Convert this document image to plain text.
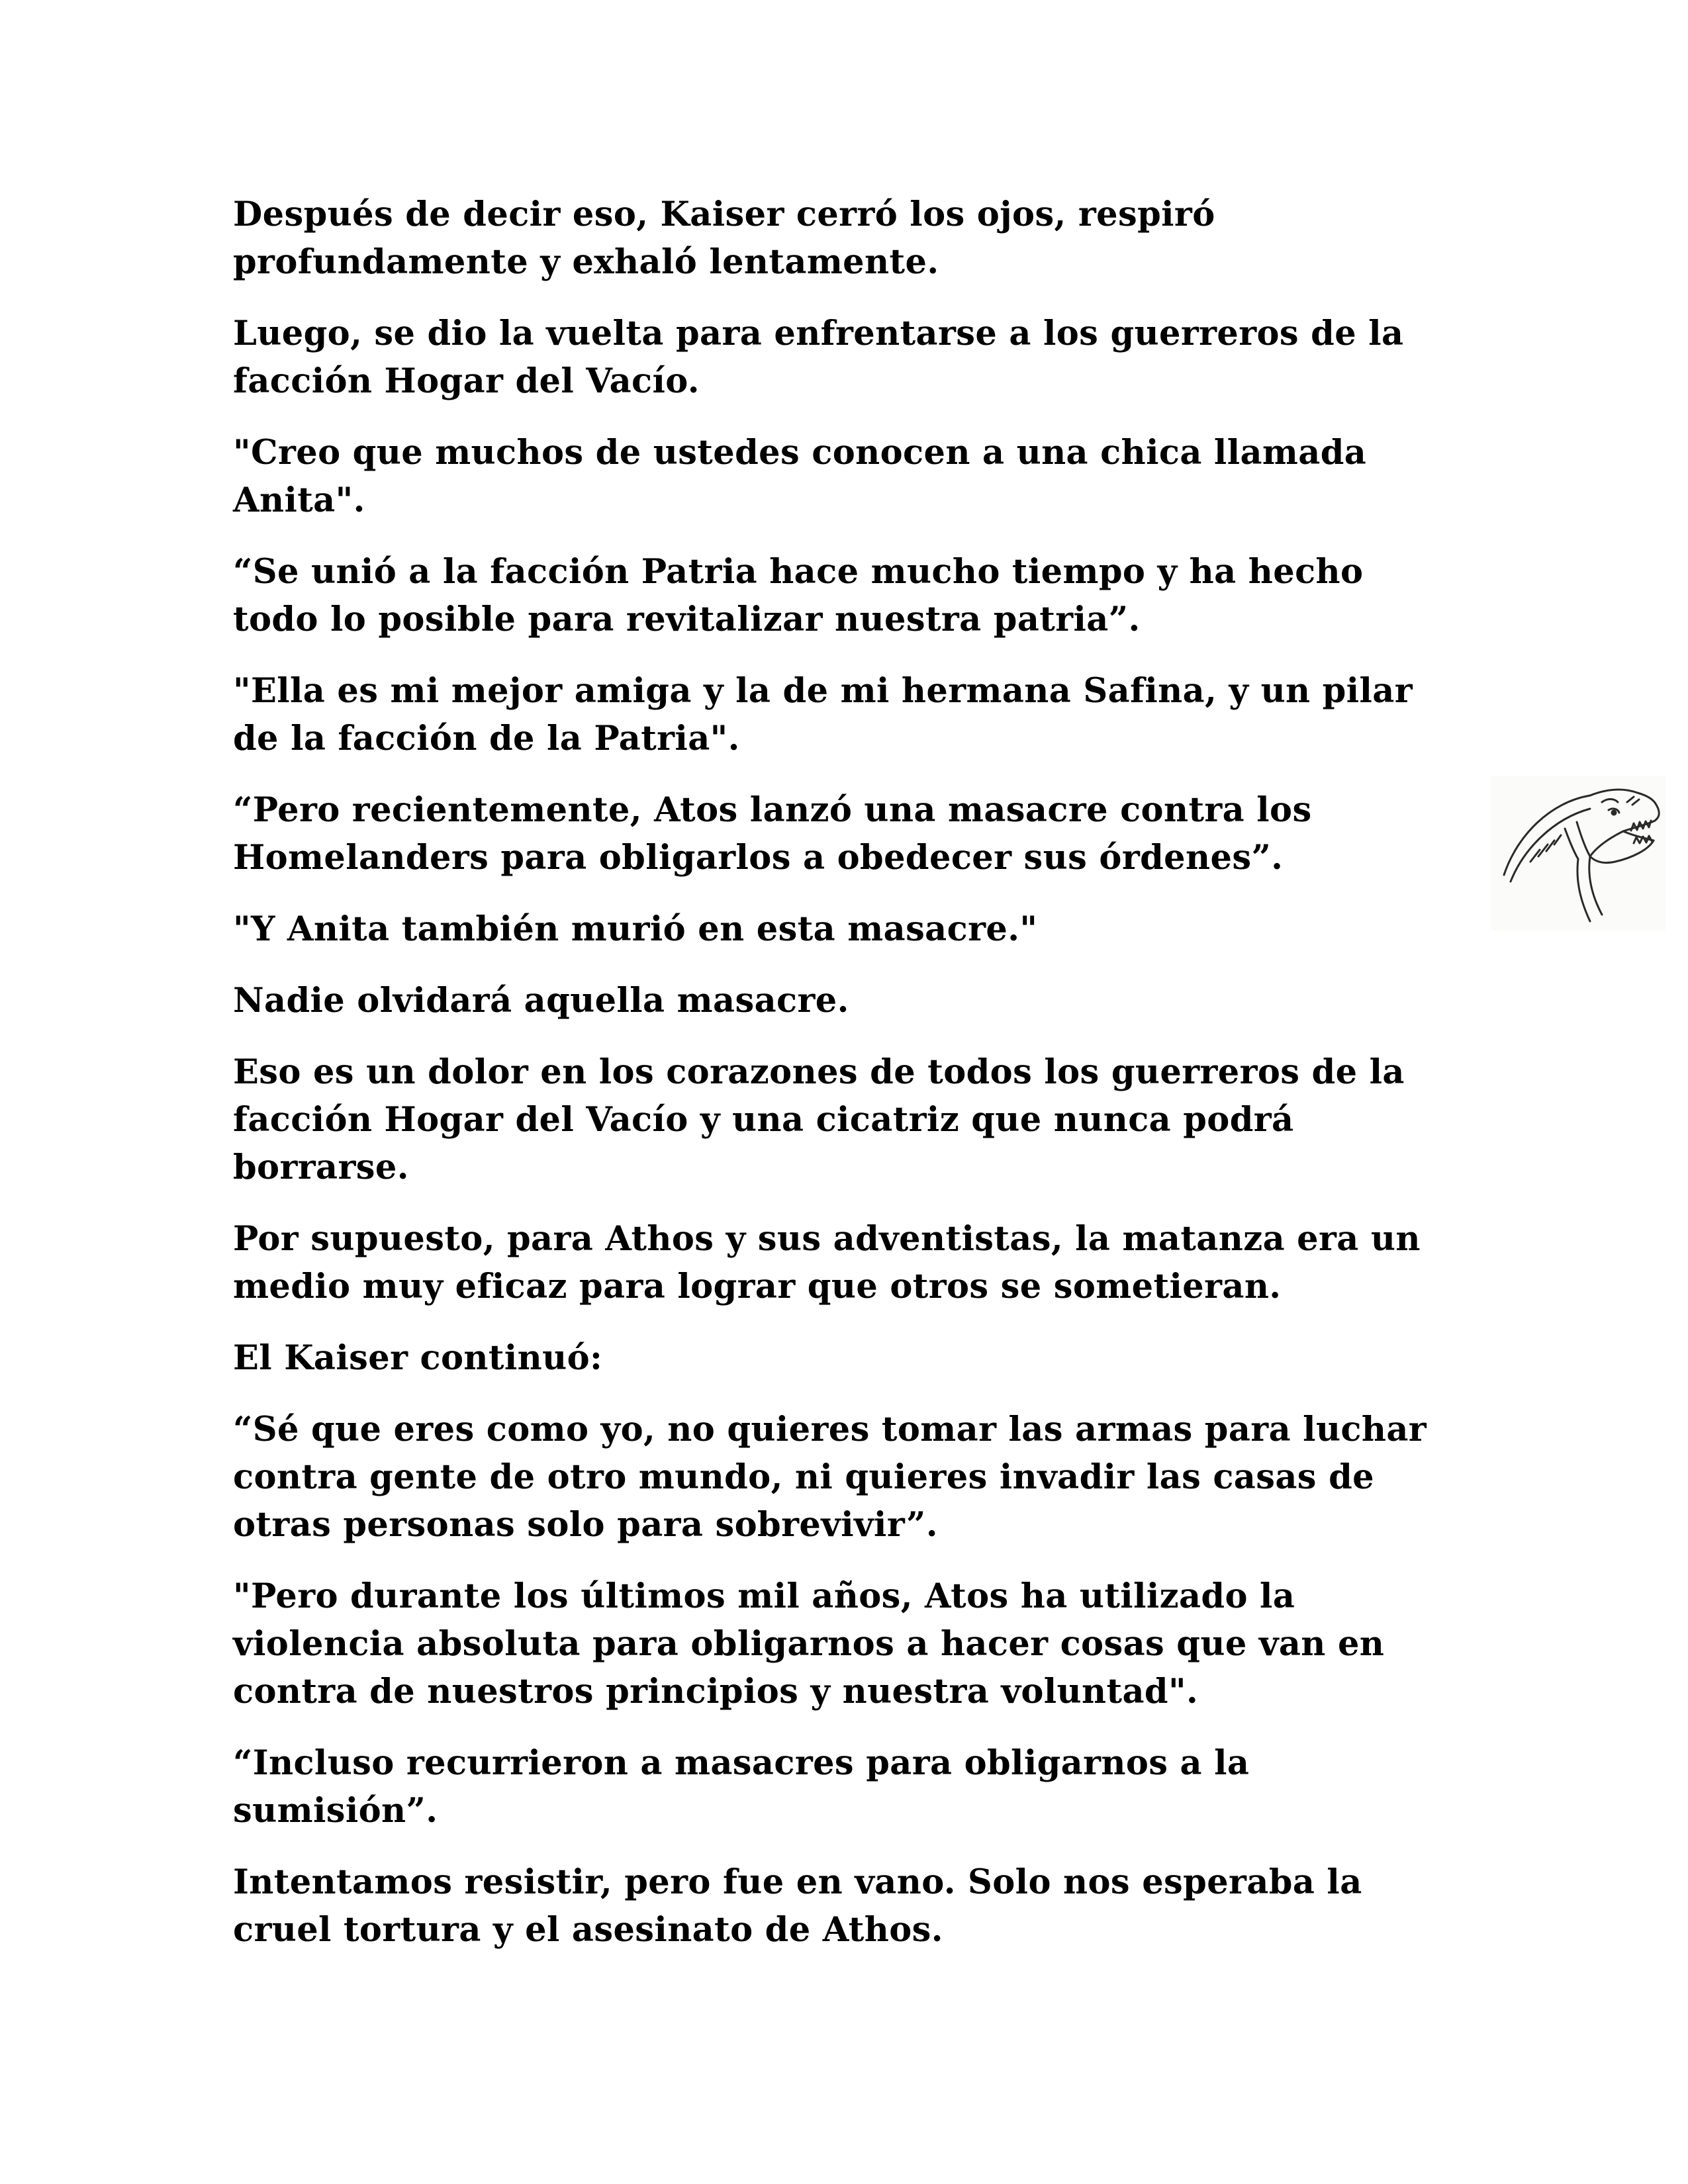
Después de decir eso, Kaiser cerró los ojos, respiró
profundamente y exhaló lentamente.

Luego, se dio la vuelta para enfrentarse a los guerreros de la
facción Hogar del Vacío.

"Creo que muchos de ustedes conocen a una chica llamada
Anita".

“Se unió a la facción Patria hace mucho tiempo y ha hecho
todo lo posible para revitalizar nuestra patria”.

"Ella es mi mejor amiga y la de mi hermana Safina, y un pilar
de la facción de la Patria".

“Pero recientemente, Atos lanzó una masacre contra los
Homelanders para obligarlos a obedecer sus órdenes”.

"Y Anita también murió en esta masacre."

Nadie olvidará aquella masacre.

Eso es un dolor en los corazones de todos los guerreros de la
facción Hogar del Vacío y una cicatriz que nunca podrá
borrarse.

Por supuesto, para Athos y sus adventistas, la matanza era un
medio muy eficaz para lograr que otros se sometieran.

El Kaiser continuó:

“Sé que eres como yo, no quieres tomar las armas para luchar
contra gente de otro mundo, ni quieres invadir las casas de
otras personas solo para sobrevivir”.

"Pero durante los últimos mil años, Atos ha utilizado la
violencia absoluta para obligarnos a hacer cosas que van en
contra de nuestros principios y nuestra voluntad".

“Incluso recurrieron a masacres para obligarnos a la
sumisión”.

Intentamos resistir, pero fue en vano. Solo nos esperaba la
cruel tortura y el asesinato de Athos.
